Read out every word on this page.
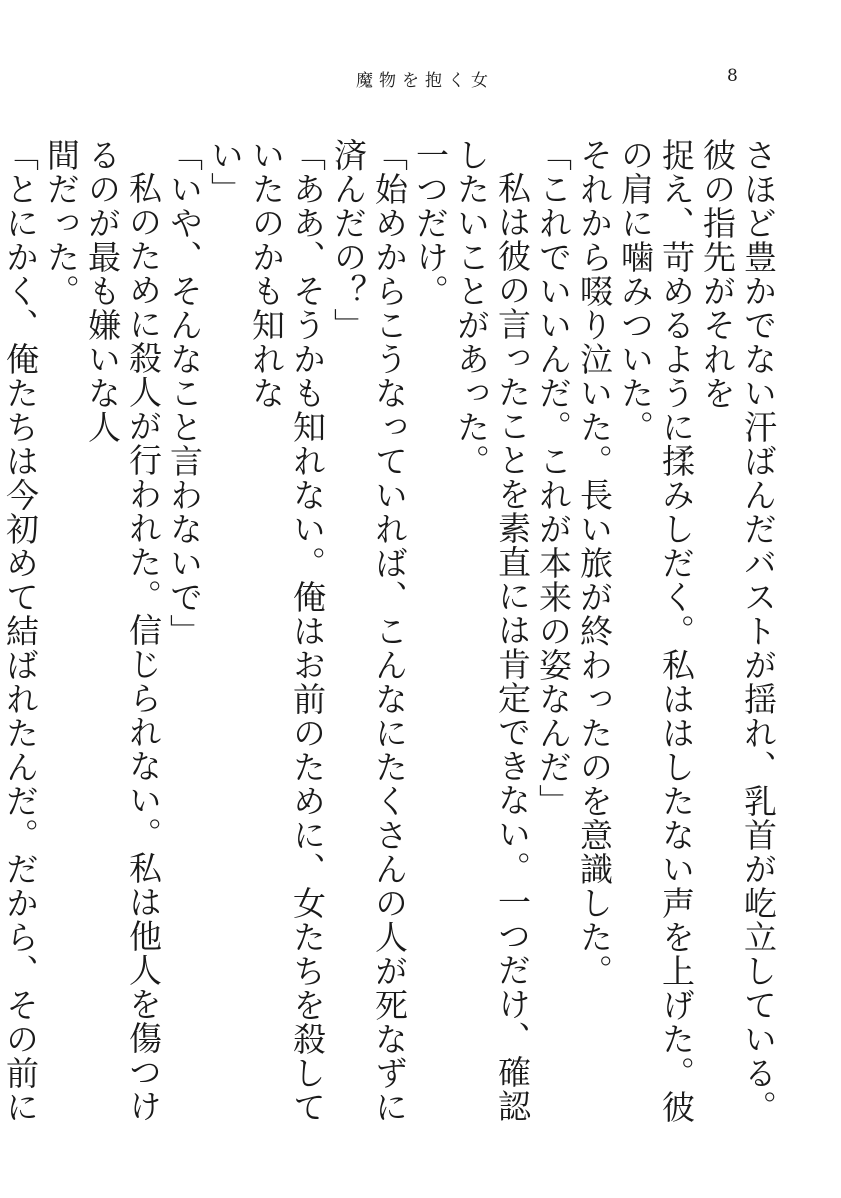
魔物を抱く女	8
さほど豊かでない汗ばんだバストが揺れ、乳首が屹立している。彼の指先がそれを
捉え、苛めるように揉みしだく。私ははしたない声を上げた。彼の肩に噛みついた。
それから啜り泣いた。長い旅が終わったのを意識した。
「これでいいんだ。これが本来の姿なんだ」
私は彼の言ったことを素直には肯定できない。一つだけ、確認したいことがあった。
一つだけ。
「始めからこうなっていれば、こんなにたくさんの人が死なずに済んだの？」
「ああ、そうかも知れない。俺はお前のために、女たちを殺していたのかも知れな
い」
「いや、そんなこと言わないで」
私のために殺人が行われた。信じられない。私は他人を傷つけるのが最も嫌いな人
間だった。
「とにかく、俺たちは今初めて結ばれたんだ。だから、その前に
